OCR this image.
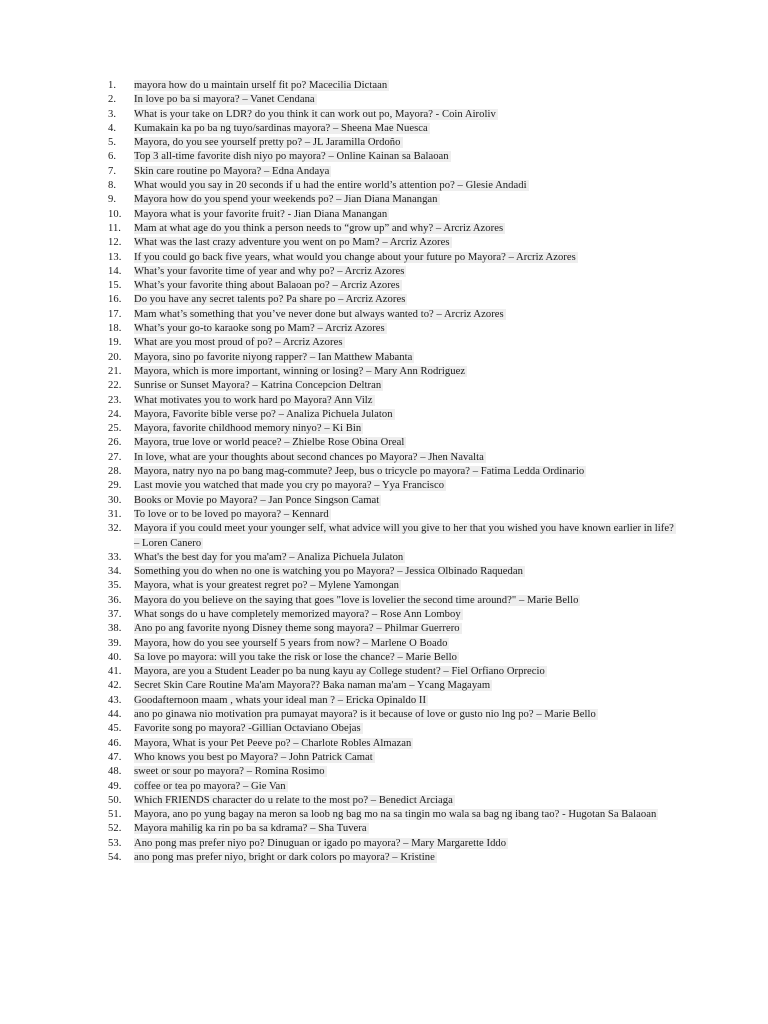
1.	mayora how do u maintain urself fit po? Macecilia Dictaan
2.	In love po ba si mayora? – Vanet Cendana
3.	What is your take on LDR? do you think it can work out po, Mayora? - Coin Airoliv
4.	Kumakain ka po ba ng tuyo/sardinas mayora? – Sheena Mae Nuesca
5.	Mayora, do you see yourself pretty po? – JL Jaramilla Ordoño
6.	Top 3 all-time favorite dish niyo po mayora? – Online Kainan sa Balaoan
7.	Skin care routine po Mayora? – Edna Andaya
8.	What would you say in 20 seconds if u had the entire world’s attention po? – Glesie Andadi
9.	Mayora how do you spend your weekends po? – Jian Diana Manangan
10.	Mayora what is your favorite fruit? - Jian Diana Manangan
11.	Mam at what age do you think a person needs to “grow up” and why? – Arcriz Azores
12.	What was the last crazy adventure you went on po Mam? – Arcriz Azores
13.	If you could go back five years, what would you change about your future po Mayora? – Arcriz Azores
14.	What’s your favorite time of year and why po? – Arcriz Azores
15.	What’s your favorite thing about Balaoan po? – Arcriz Azores
16.	Do you have any secret talents po? Pa share po – Arcriz Azores
17.	Mam what’s something that you’ve never done but always wanted to? – Arcriz Azores
18.	What’s your go-to karaoke song po Mam? – Arcriz Azores
19.	What are you most proud of po? – Arcriz Azores
20.	Mayora, sino po favorite niyong rapper? – Ian Matthew Mabanta
21.	Mayora, which is more important, winning or losing? – Mary Ann Rodriguez
22.	Sunrise or Sunset Mayora? – Katrina Concepcion Deltran
23.	What motivates you to work hard po Mayora? Ann Vilz
24.	Mayora, Favorite bible verse po? – Analiza Pichuela Julaton
25.	Mayora, favorite childhood memory ninyo? – Ki Bin
26.	Mayora, true love or world peace? – Zhielbe Rose Obina Oreal
27.	In love, what are your thoughts about second chances po Mayora? – Jhen Navalta
28.	Mayora, natry nyo na po bang mag-commute? Jeep, bus o tricycle po mayora? – Fatima Ledda Ordinario
29.	Last movie you watched that made you cry po mayora? – Yya Francisco
30.	Books or Movie po Mayora? – Jan Ponce Singson Camat
31.	To love or to be loved po mayora? – Kennard
32.	Mayora if you could meet your younger self, what advice will you give to her that you wished you have known earlier in life? – Loren Canero
33.	What's the best day for you ma'am? – Analiza Pichuela Julaton
34.	Something you do when no one is watching you po Mayora? – Jessica Olbinado Raquedan
35.	Mayora, what is your greatest regret po? – Mylene Yamongan
36.	Mayora do you believe on the saying that goes "love is lovelier the second time around?" – Marie Bello
37.	What songs do u have completely memorized mayora? – Rose Ann Lomboy
38.	Ano po ang favorite nyong Disney theme song mayora? – Philmar Guerrero
39.	Mayora, how do you see yourself 5 years from now? – Marlene O Boado
40.	Sa love po mayora: will you take the risk or lose the chance? – Marie Bello
41.	Mayora, are you a Student Leader po ba nung kayu ay College student? – Fiel Orfiano Orprecio
42.	Secret Skin Care Routine Ma'am Mayora?? Baka naman ma'am – Ycang Magayam
43.	Goodafternoon maam , whats your ideal man ? – Ericka Opinaldo II
44.	ano po ginawa nio motivation pra pumayat mayora? is it because of love or gusto nio lng po? – Marie Bello
45.	Favorite song po mayora? -Gillian Octaviano Obejas
46.	Mayora, What is your Pet Peeve po? – Charlote Robles Almazan
47.	Who knows you best po Mayora? – John Patrick Camat
48.	sweet or sour po mayora? – Romina Rosimo
49.	coffee or tea po mayora? – Gie Van
50.	Which FRIENDS character do u relate to the most po? – Benedict Arciaga
51.	Mayora, ano po yung bagay na meron sa loob ng bag mo na sa tingin mo wala sa bag ng ibang tao? - Hugotan Sa Balaoan
52.	Mayora mahilig ka rin po ba sa kdrama? – Sha Tuvera
53.	Ano pong mas prefer niyo po? Dinuguan or igado po mayora? – Mary Margarette Iddo
54.	ano pong mas prefer niyo, bright or dark colors po mayora? – Kristine
